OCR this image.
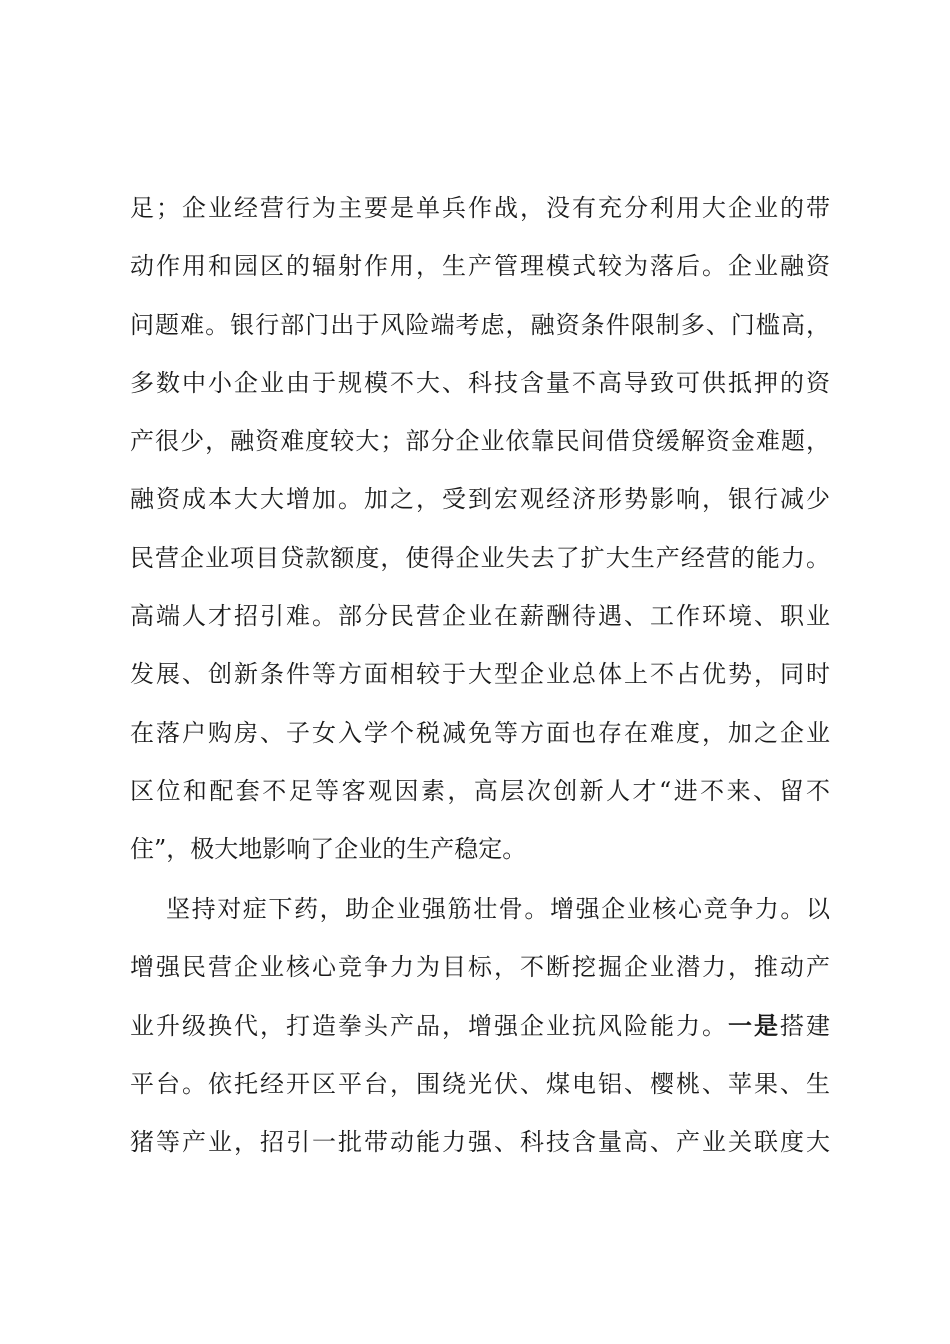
足；企业经营行为主要是单兵作战，没有充分利用大企业的带
动作用和园区的辐射作用，生产管理模式较为落后。企业融资
问题难。银行部门出于风险端考虑，融资条件限制多、门槛高，
多数中小企业由于规模不大、科技含量不高导致可供抵押的资
产很少，融资难度较大；部分企业依靠民间借贷缓解资金难题，
融资成本大大增加。加之，受到宏观经济形势影响，银行减少
民营企业项目贷款额度，使得企业失去了扩大生产经营的能力。
高端人才招引难。部分民营企业在薪酬待遇、工作环境、职业
发展、创新条件等方面相较于大型企业总体上不占优势，同时
在落户购房、子女入学个税减免等方面也存在难度，加之企业
区位和配套不足等客观因素，高层次创新人才“进不来、留不
住”，极大地影响了企业的生产稳定。
坚持对症下药，助企业强筋壮骨。增强企业核心竞争力。以
增强民营企业核心竞争力为目标，不断挖掘企业潜力，推动产
业升级换代，打造拳头产品，增强企业抗风险能力。一是搭建
平台。依托经开区平台，围绕光伏、煤电铝、樱桃、苹果、生
猪等产业，招引一批带动能力强、科技含量高、产业关联度大
